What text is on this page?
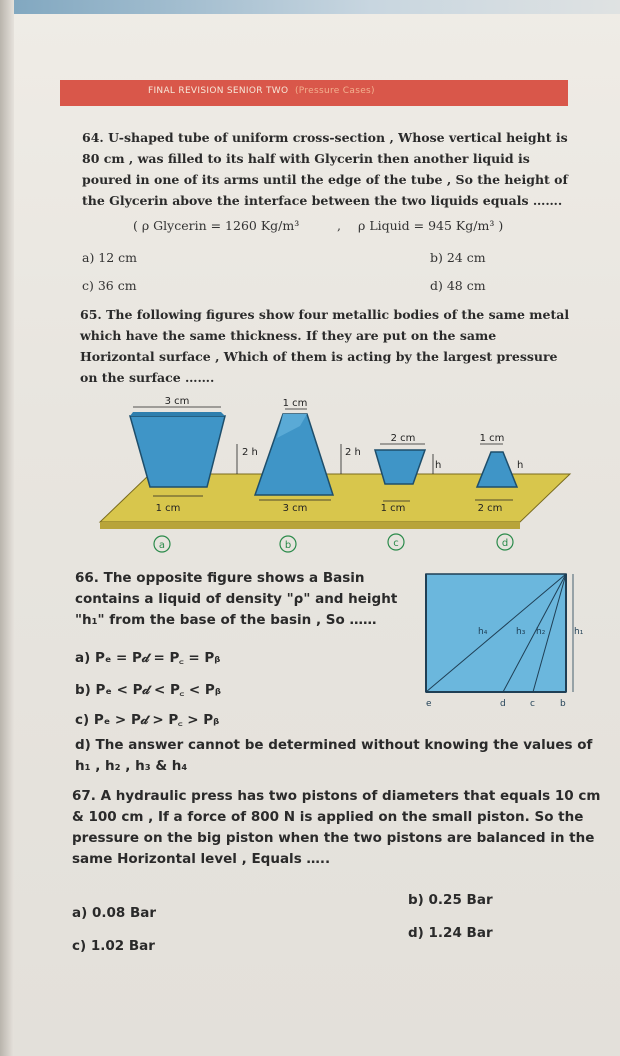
FINAL REVISION SENIOR TWO (Pressure Cases)
64. U-shaped tube of uniform cross-section , Whose vertical height is
80 cm , was filled to its half with Glycerin then another liquid is
poured in one of its arms until the edge of the tube , So the height of
the Glycerin above the interface between the two liquids equals …….
( ρ Glycerin = 1260 Kg/m³	, ρ Liquid = 945 Kg/m³ )
a) 12 cm	b) 24 cm
c) 36 cm	d) 48 cm
65. The following figures show four metallic bodies of the same metal
which have the same thickness. If they are put on the same
Horizontal surface , Which of them is acting by the largest pressure
on the surface …….
3 cm
1 cm
2 h
1 cm
3 cm
2 h
2 cm
1 cm
h
1 cm
2 cm
h
a	b	c	d
66. The opposite figure shows a Basin
contains a liquid of density "ρ" and height
"h₁" from the base of the basin , So ……
h₄	h₃ h₂	h₁
e	d	c	b
a) Pₑ = P𝒹 = P꜀ = Pᵦ
b) Pₑ < P𝒹 < P꜀ < Pᵦ
c) Pₑ > P𝒹 > P꜀ > Pᵦ
d) The answer cannot be determined without knowing the values of
h₁ , h₂ , h₃ & h₄
67. A hydraulic press has two pistons of diameters that equals 10 cm
& 100 cm , If a force of 800 N is applied on the small piston. So the
pressure on the big piston when the two pistons are balanced in the
same Horizontal level , Equals …..
a) 0.08 Bar
b) 0.25 Bar
c) 1.02 Bar
d) 1.24 Bar
